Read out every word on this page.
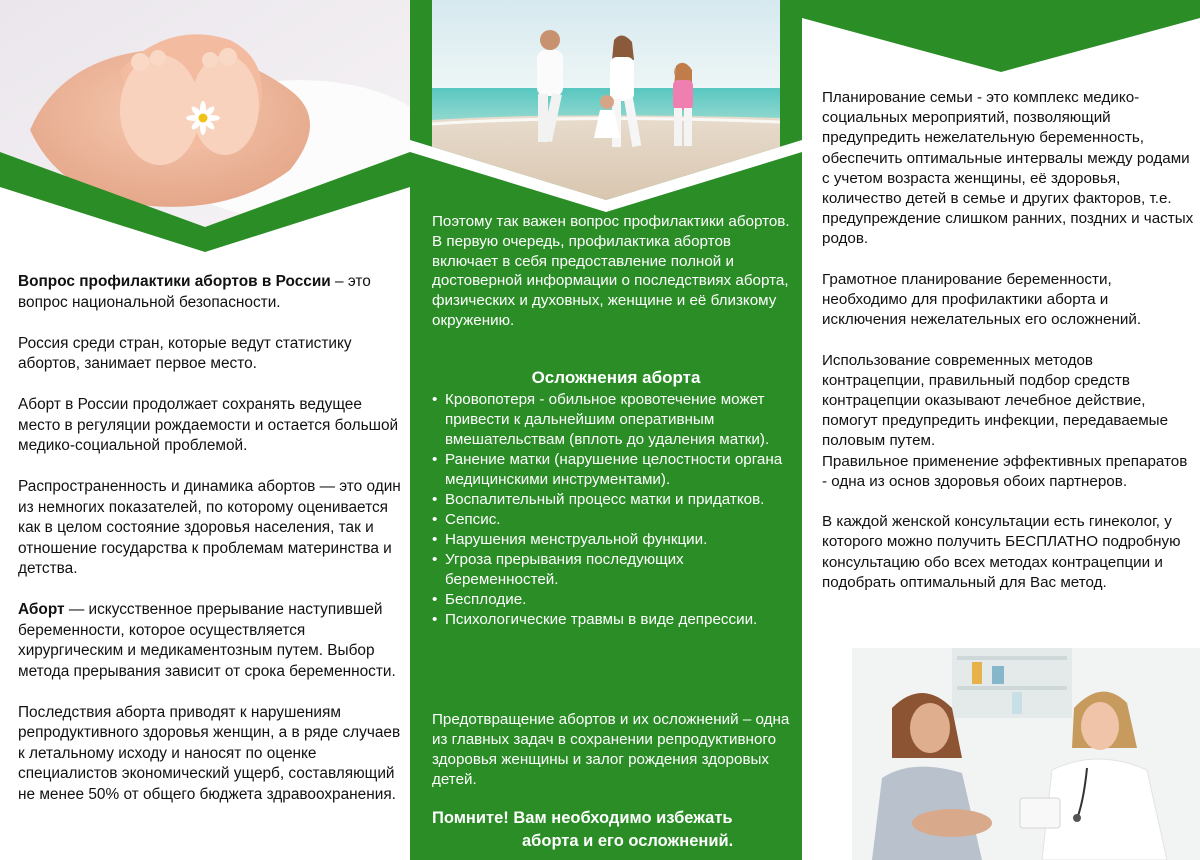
Вопрос профилактики абортов в России – это вопрос национальной безопасности.

Россия среди стран, которые ведут статистику абортов, занимает первое место.

Аборт в России продолжает сохранять ведущее место в регуляции рождаемости и остается большой медико-социальной проблемой.

Распространенность и динамика абортов — это один из немногих показателей, по которому оценивается как в целом состояние здоровья населения, так и отношение государства к проблемам материнства и детства.

Аборт — искусственное прерывание наступившей беременности, которое осуществляется хирургическим и медикаментозным путем. Выбор метода прерывания зависит от срока беременности.

Последствия аборта приводят к нарушениям репродуктивного здоровья женщин, а в ряде случаев к летальному исходу и наносят по оценке специалистов экономический ущерб, составляющий не менее 50% от общего бюджета здравоохранения.

Поэтому так важен вопрос профилактики абортов. В первую очередь, профилактика абортов включает в себя предоставление полной и достоверной информации о последствиях аборта, физических и духовных, женщине и её близкому окружению.
Осложнения аборта
• Кровопотеря - обильное кровотечение может привести к дальнейшим оперативным вмешательствам (вплоть до удаления матки).
• Ранение матки (нарушение целостности органа медицинскими инструментами).
• Воспалительный процесс матки и придатков.
• Сепсис.
• Нарушения менструальной функции.
• Угроза прерывания последующих беременностей.
• Бесплодие.
• Психологические травмы в виде депрессии.
Предотвращение абортов и их осложнений – одна из главных задач в сохранении репродуктивного здоровья женщины и залог рождения здоровых детей.
Помните! Вам необходимо избежать
аборта и его осложнений.

Планирование семьи - это комплекс медико-социальных мероприятий, позволяющий предупредить нежелательную беременность, обеспечить оптимальные интервалы между родами с учетом возраста женщины, её здоровья, количество детей в семье и других факторов, т.е. предупреждение слишком ранних, поздних и частых родов.

Грамотное планирование беременности, необходимо для профилактики аборта и исключения нежелательных его осложнений.

Использование современных методов контрацепции, правильный подбор средств контрацепции оказывают лечебное действие, помогут предупредить инфекции, передаваемые половым путем.

Правильное применение эффективных препаратов - одна из основ здоровья обоих партнеров.

В каждой женской консультации есть гинеколог, у которого можно получить БЕСПЛАТНО подробную консультацию обо всех методах контрацепции и подобрать оптимальный для Вас метод.
